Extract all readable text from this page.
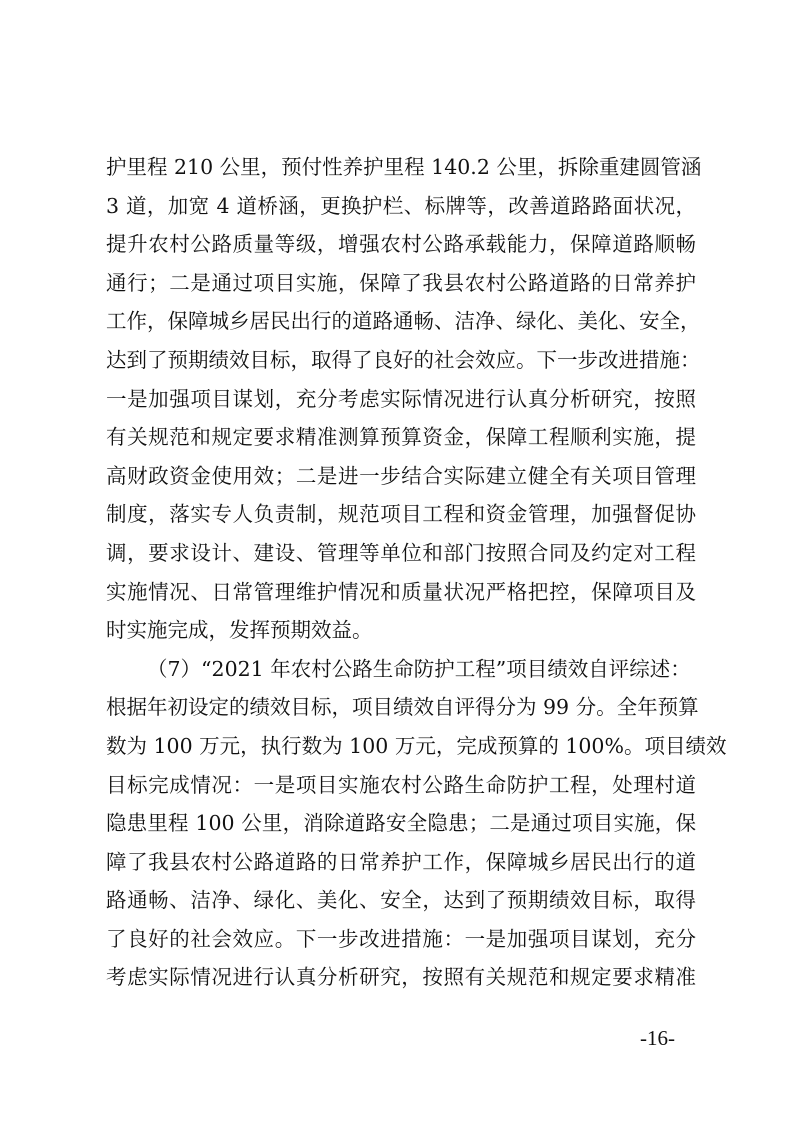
护里程 210 公里，预付性养护里程 140.2 公里，拆除重建圆管涵
3 道，加宽 4 道桥涵，更换护栏、标牌等，改善道路路面状况，
提升农村公路质量等级，增强农村公路承载能力，保障道路顺畅
通行；二是通过项目实施，保障了我县农村公路道路的日常养护
工作，保障城乡居民出行的道路通畅、洁净、绿化、美化、安全，
达到了预期绩效目标，取得了良好的社会效应。下一步改进措施：
一是加强项目谋划，充分考虑实际情况进行认真分析研究，按照
有关规范和规定要求精准测算预算资金，保障工程顺利实施，提
高财政资金使用效；二是进一步结合实际建立健全有关项目管理
制度，落实专人负责制，规范项目工程和资金管理，加强督促协
调，要求设计、建设、管理等单位和部门按照合同及约定对工程
实施情况、日常管理维护情况和质量状况严格把控，保障项目及
时实施完成，发挥预期效益。
（7）“2021 年农村公路生命防护工程”项目绩效自评综述：
根据年初设定的绩效目标，项目绩效自评得分为 99 分。全年预算
数为 100 万元，执行数为 100 万元，完成预算的 100%。项目绩效
目标完成情况：一是项目实施农村公路生命防护工程，处理村道
隐患里程 100 公里，消除道路安全隐患；二是通过项目实施，保
障了我县农村公路道路的日常养护工作，保障城乡居民出行的道
路通畅、洁净、绿化、美化、安全，达到了预期绩效目标，取得
了良好的社会效应。下一步改进措施：一是加强项目谋划，充分
考虑实际情况进行认真分析研究，按照有关规范和规定要求精准
-16-
